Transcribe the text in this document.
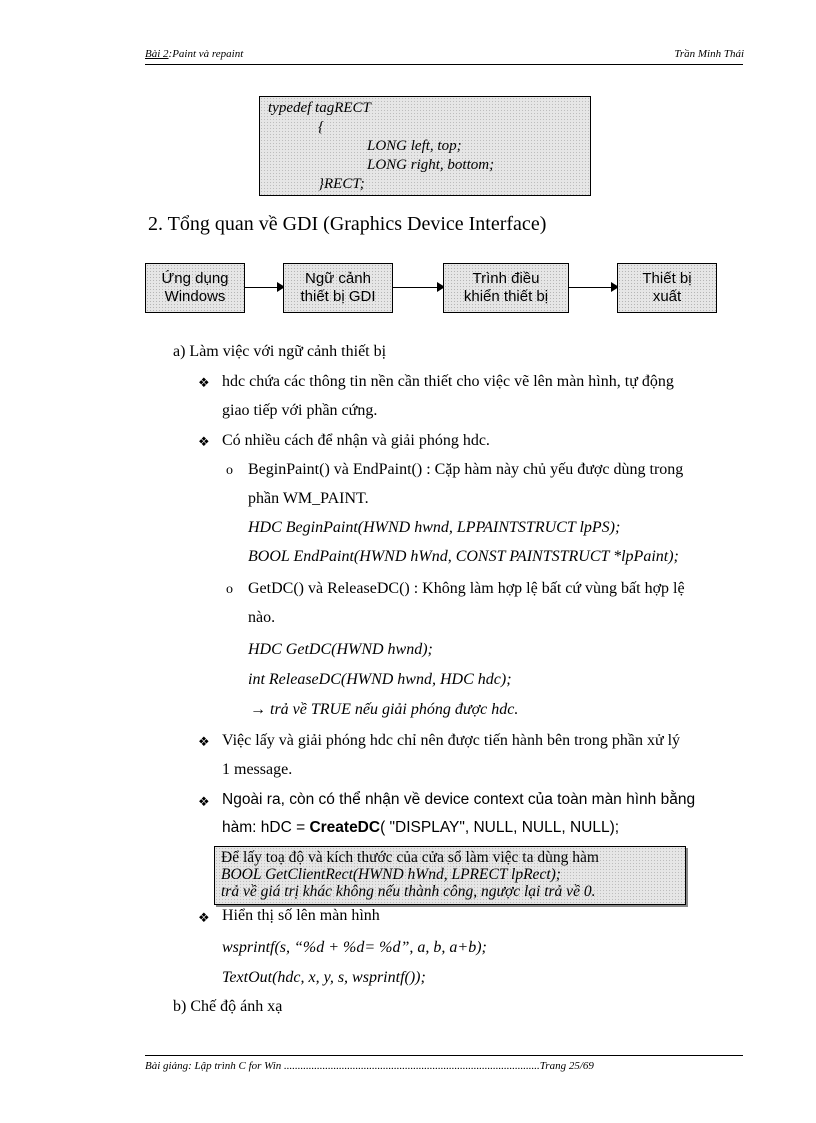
Bài 2:Paint và repaint	Trần Minh Thái
typedef tagRECT
{
LONG left, top;
LONG right, bottom;
}RECT;
2. Tổng quan về GDI (Graphics Device Interface)
Ứng dụng
Windows
Ngữ cảnh
thiết bị GDI
Trình điều
khiển thiết bị
Thiết bị
xuất
a) Làm việc với ngữ cảnh thiết bị
❖ hdc chứa các thông tin nền cần thiết cho việc vẽ lên màn hình, tự động
giao tiếp với phần cứng.
❖ Có nhiều cách để nhận và giải phóng hdc.
o BeginPaint() và EndPaint() : Cặp hàm này chủ yếu được dùng trong
phần WM_PAINT.
HDC BeginPaint(HWND hwnd, LPPAINTSTRUCT lpPS);
BOOL EndPaint(HWND hWnd, CONST PAINTSTRUCT *lpPaint);
o GetDC() và ReleaseDC() : Không làm hợp lệ bất cứ vùng bất hợp lệ
nào.
HDC GetDC(HWND hwnd);
int ReleaseDC(HWND hwnd, HDC hdc);
→ trả về TRUE nếu giải phóng được hdc.
❖ Việc lấy và giải phóng hdc chỉ nên được tiến hành bên trong phần xử lý
1 message.
❖ Ngoài ra, còn có thể nhận về device context của toàn màn hình bằng
hàm: hDC = CreateDC( "DISPLAY", NULL, NULL, NULL);
Để lấy toạ độ và kích thước của cửa sổ làm việc ta dùng hàm
BOOL GetClientRect(HWND hWnd, LPRECT lpRect);
trả về giá trị khác không nếu thành công, ngược lại trả về 0.
❖ Hiển thị số lên màn hình
wsprintf(s, “%d + %d= %d”, a, b, a+b);
TextOut(hdc, x, y, s, wsprintf());
b) Chế độ ánh xạ
Bài giảng: Lập trình C for Win .............................................................................................Trang 25/69
